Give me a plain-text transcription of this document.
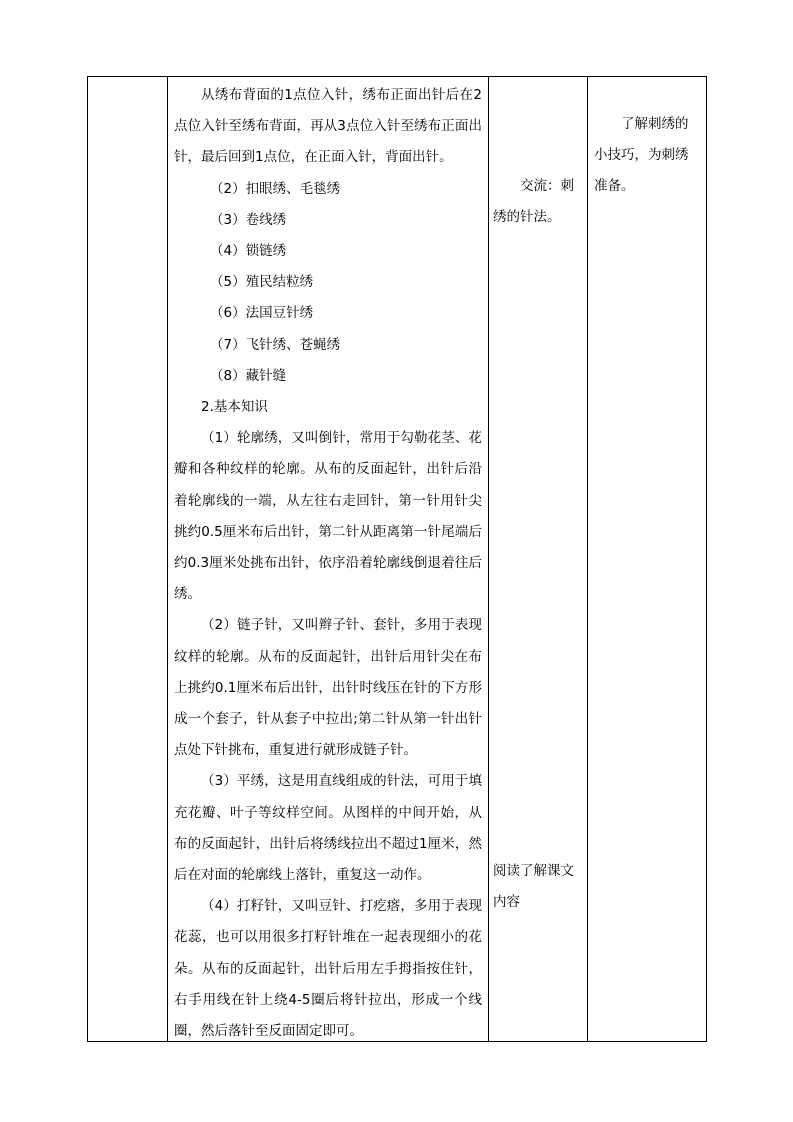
从绣布背面的1点位入针，绣布正面出针后在2点位入针至绣布背面，再从3点位入针至绣布正面出针，最后回到1点位，在正面入针，背面出针。

（2）扣眼绣、毛毯绣

（3）卷线绣

（4）锁链绣

（5）殖民结粒绣

（6）法国豆针绣

（7）飞针绣、苍蝇绣

（8）藏针缝

2.基本知识

（1）轮廓绣，又叫倒针，常用于勾勒花茎、花瓣和各种纹样的轮廓。从布的反面起针，出针后沿着轮廓线的一端，从左往右走回针，第一针用针尖挑约0.5厘米布后出针，第二针从距离第一针尾端后约0.3厘米处挑布出针，依序沿着轮廓线倒退着往后绣。

（2）链子针，又叫辫子针、套针，多用于表现纹样的轮廓。从布的反面起针，出针后用针尖在布上挑约0.1厘米布后出针，出针时线压在针的下方形成一个套子，针从套子中拉出;第二针从第一针出针点处下针挑布，重复进行就形成链子针。

（3）平绣，这是用直线组成的针法，可用于填充花瓣、叶子等纹样空间。从图样的中间开始，从布的反面起针，出针后将绣线拉出不超过1厘米，然后在对面的轮廓线上落针，重复这一动作。

（4）打籽针，又叫豆针、打疙瘩，多用于表现花蕊，也可以用很多打籽针堆在一起表现细小的花朵。从布的反面起针，出针后用左手拇指按住针，右手用线在针上绕4-5圈后将针拉出，形成一个线圈，然后落针至反面固定即可。

交流：刺绣的针法。

阅读了解课文内容

了解刺绣的小技巧，为刺绣准备。
